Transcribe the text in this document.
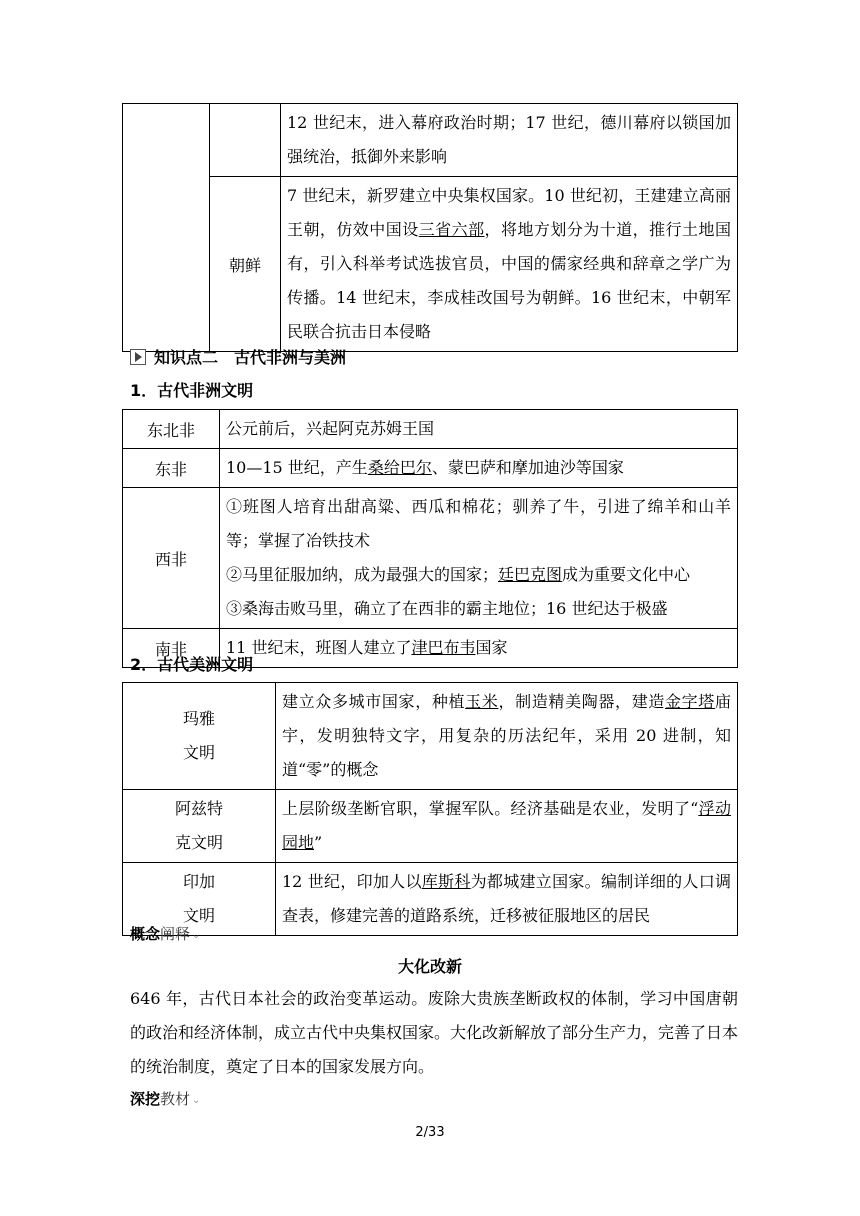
		12 世纪末，进入幕府政治时期；17 世纪，德川幕府以锁国加强统治，抵御外来影响

	朝鲜	7 世纪末，新罗建立中央集权国家。10 世纪初，王建建立高丽王朝，仿效中国设三省六部，将地方划分为十道，推行土地国有，引入科举考试选拔官员，中国的儒家经典和辞章之学广为传播。14 世纪末，李成桂改国号为朝鲜。16 世纪末，中朝军民联合抗击日本侵略
知识点二　古代非洲与美洲
1．古代非洲文明
东北非	公元前后，兴起阿克苏姆王国

东非	10—15 世纪，产生桑给巴尔、蒙巴萨和摩加迪沙等国家

西非	①班图人培育出甜高粱、西瓜和棉花；驯养了牛，引进了绵羊和山羊等；掌握了冶铁技术
②马里征服加纳，成为最强大的国家；廷巴克图成为重要文化中心
③桑海击败马里，确立了在西非的霸主地位；16 世纪达于极盛

南非	11 世纪末，班图人建立了津巴布韦国家
2．古代美洲文明
玛雅
文明	建立众多城市国家，种植玉米，制造精美陶器，建造金字塔庙宇，发明独特文字，用复杂的历法纪年，采用 20 进制，知道“零”的概念

阿兹特
克文明	上层阶级垄断官职，掌握军队。经济基础是农业，发明了“浮动园地”

印加
文明	12 世纪，印加人以库斯科为都城建立国家。编制详细的人口调查表，修建完善的道路系统，迁移被征服地区的居民
概念阐释 ⌄
大化改新
646 年，古代日本社会的政治变革运动。废除大贵族垄断政权的体制，学习中国唐朝的政治和经济体制，成立古代中央集权国家。大化改新解放了部分生产力，完善了日本的统治制度，奠定了日本的国家发展方向。
深挖教材 ⌄
2/33
